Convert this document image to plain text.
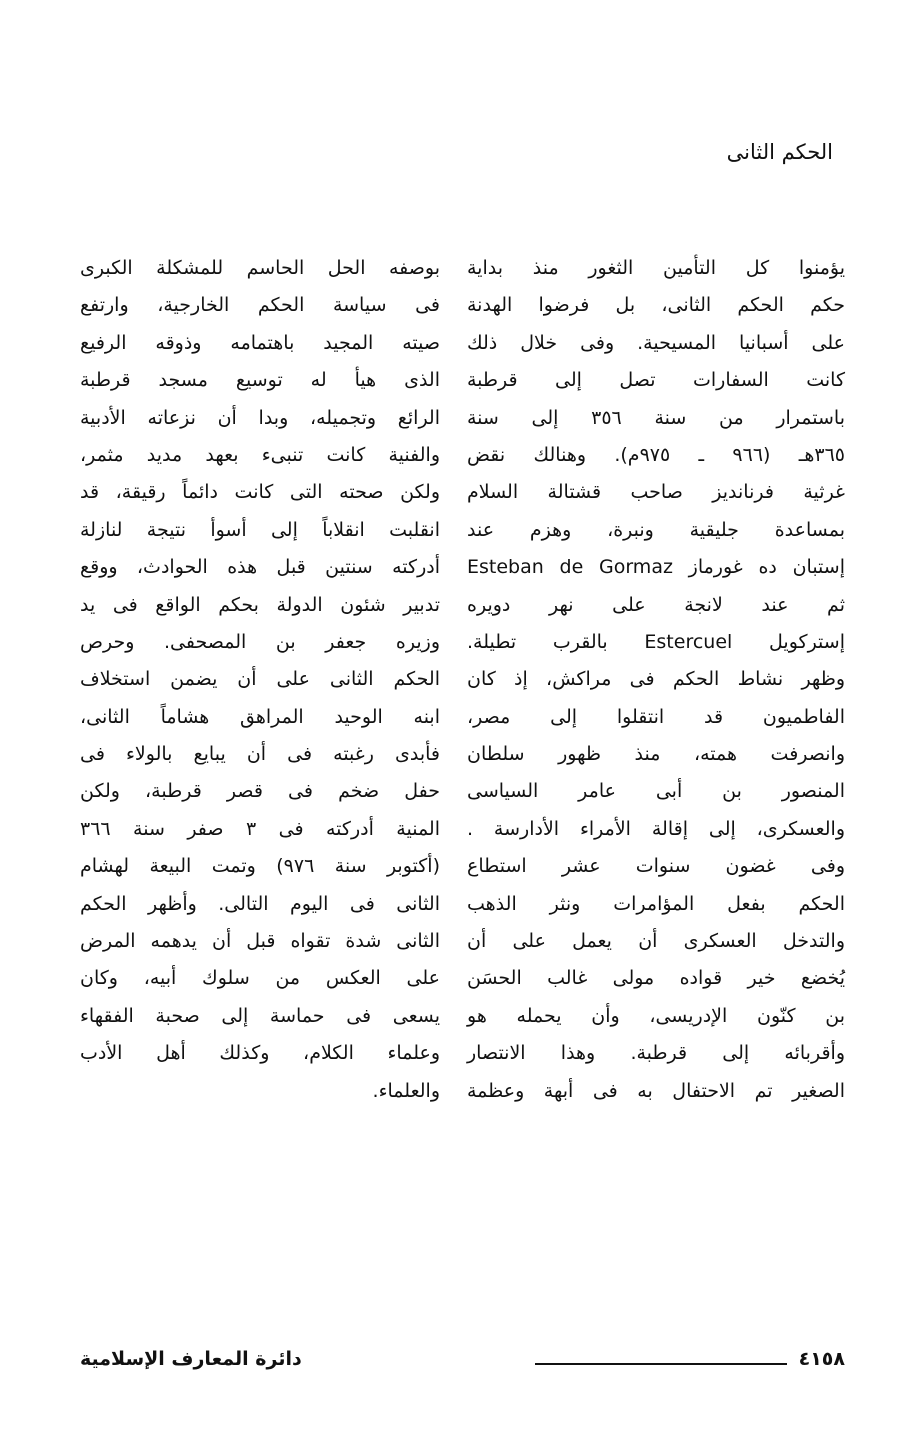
الحكم الثانى
يؤمنوا كل التأمين الثغور منذ بداية
حكم الحكم الثانى، بل فرضوا الهدنة
على أسبانيا المسيحية. وفى خلال ذلك
كانت السفارات تصل إلى قرطبة
باستمرار من سنة ٣٥٦ إلى سنة
٣٦٥هـ (٩٦٦ ـ ٩٧٥م). وهنالك نقض
غرثية فرنانديز صاحب قشتالة السلام
بمساعدة جليقية ونبرة، وهزم عند
إستبان ده غورماز Esteban de Gormaz
ثم عند لانجة على نهر دويره
إستركويل Estercuel بالقرب تطيلة.
وظهر نشاط الحكم فى مراكش، إذ كان
الفاطميون قد انتقلوا إلى مصر،
وانصرفت همته، منذ ظهور سلطان
المنصور بن أبى عامر السياسى
والعسكرى، إلى إقالة الأمراء الأدارسة .
وفى غضون سنوات عشر استطاع
الحكم بفعل المؤامرات ونثر الذهب
والتدخل العسكرى أن يعمل على أن
يُخضع خير قواده مولى غالب الحسَن
بن كنّون الإدريسى، وأن يحمله هو
وأقربائه إلى قرطبة. وهذا الانتصار
الصغير تم الاحتفال به فى أبهة وعظمة
بوصفه الحل الحاسم للمشكلة الكبرى
فى سياسة الحكم الخارجية، وارتفع
صيته المجيد باهتمامه وذوقه الرفيع
الذى هيأ له توسيع مسجد قرطبة
الرائع وتجميله، وبدا أن نزعاته الأدبية
والفنية كانت تنبىء بعهد مديد مثمر،
ولكن صحته التى كانت دائماً رقيقة، قد
انقلبت انقلاباً إلى أسوأ نتيجة لنازلة
أدركته سنتين قبل هذه الحوادث، ووقع
تدبير شئون الدولة بحكم الواقع فى يد
وزيره جعفر بن المصحفى. وحرص
الحكم الثانى على أن يضمن استخلاف
ابنه الوحيد المراهق هشاماً الثانى،
فأبدى رغبته فى أن يبايع بالولاء فى
حفل ضخم فى قصر قرطبة، ولكن
المنية أدركته فى ٣ صفر سنة ٣٦٦
(أكتوبر سنة ٩٧٦) وتمت البيعة لهشام
الثانى فى اليوم التالى. وأظهر الحكم
الثانى شدة تقواه قبل أن يدهمه المرض
على العكس من سلوك أبيه، وكان
يسعى فى حماسة إلى صحبة الفقهاء
وعلماء الكلام، وكذلك أهل الأدب
والعلماء.
٤١٥٨
دائرة المعارف الإسلامية
